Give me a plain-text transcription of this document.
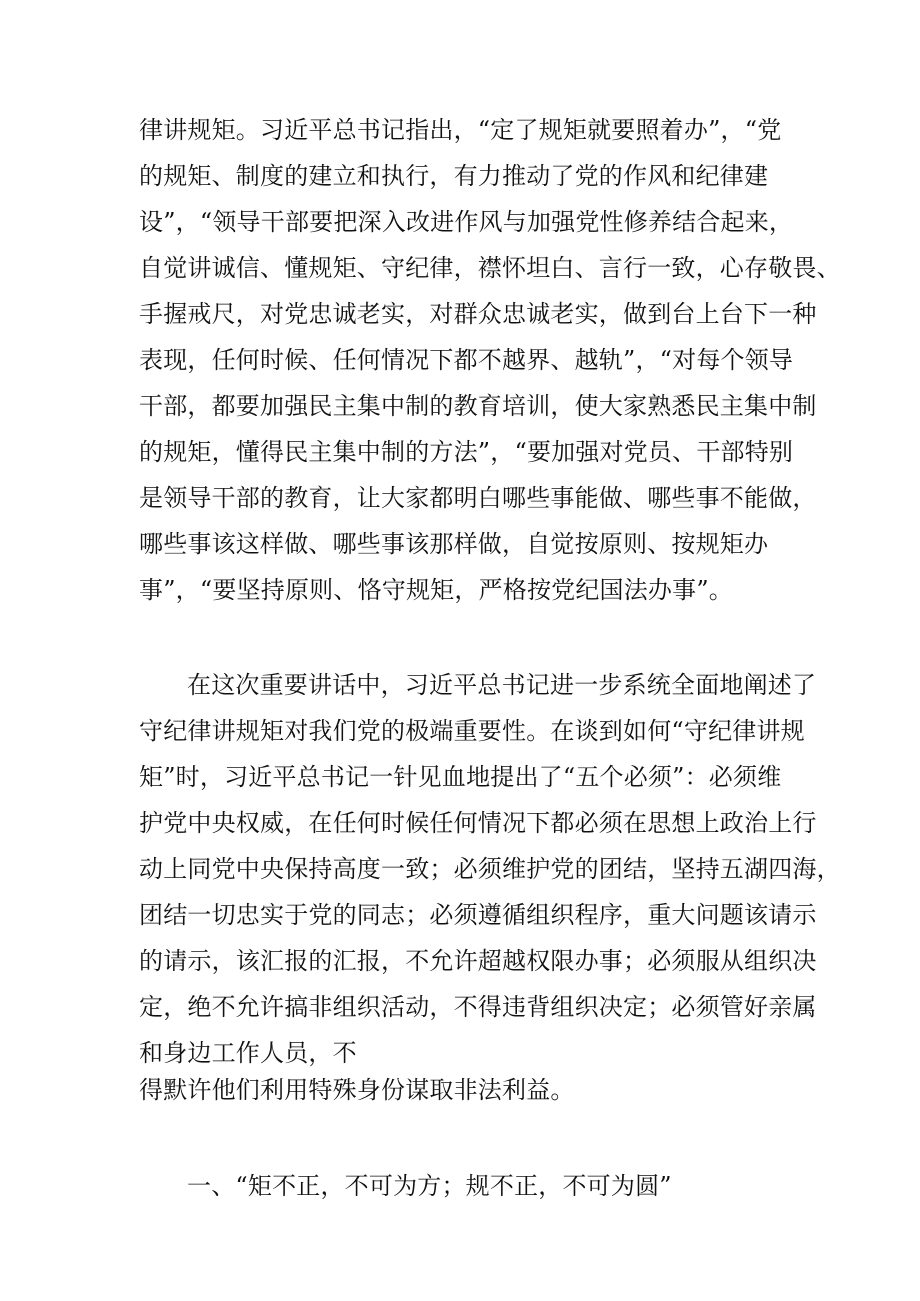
律讲规矩。习近平总书记指出，“定了规矩就要照着办”，“党
的规矩、制度的建立和执行，有力推动了党的作风和纪律建
设”，“领导干部要把深入改进作风与加强党性修养结合起来，
自觉讲诚信、懂规矩、守纪律，襟怀坦白、言行一致，心存敬畏、
手握戒尺，对党忠诚老实，对群众忠诚老实，做到台上台下一种
表现，任何时候、任何情况下都不越界、越轨”，“对每个领导
干部，都要加强民主集中制的教育培训，使大家熟悉民主集中制
的规矩，懂得民主集中制的方法”，“要加强对党员、干部特别
是领导干部的教育，让大家都明白哪些事能做、哪些事不能做，
哪些事该这样做、哪些事该那样做，自觉按原则、按规矩办
事”，“要坚持原则、恪守规矩，严格按党纪国法办事”。
在这次重要讲话中，习近平总书记进一步系统全面地阐述了
守纪律讲规矩对我们党的极端重要性。在谈到如何“守纪律讲规
矩”时，习近平总书记一针见血地提出了“五个必须”：必须维
护党中央权威，在任何时候任何情况下都必须在思想上政治上行
动上同党中央保持高度一致；必须维护党的团结，坚持五湖四海，
团结一切忠实于党的同志；必须遵循组织程序，重大问题该请示
的请示，该汇报的汇报，不允许超越权限办事；必须服从组织决
定，绝不允许搞非组织活动，不得违背组织决定；必须管好亲属
和身边工作人员，不
得默许他们利用特殊身份谋取非法利益。
一、“矩不正，不可为方；规不正，不可为圆”
